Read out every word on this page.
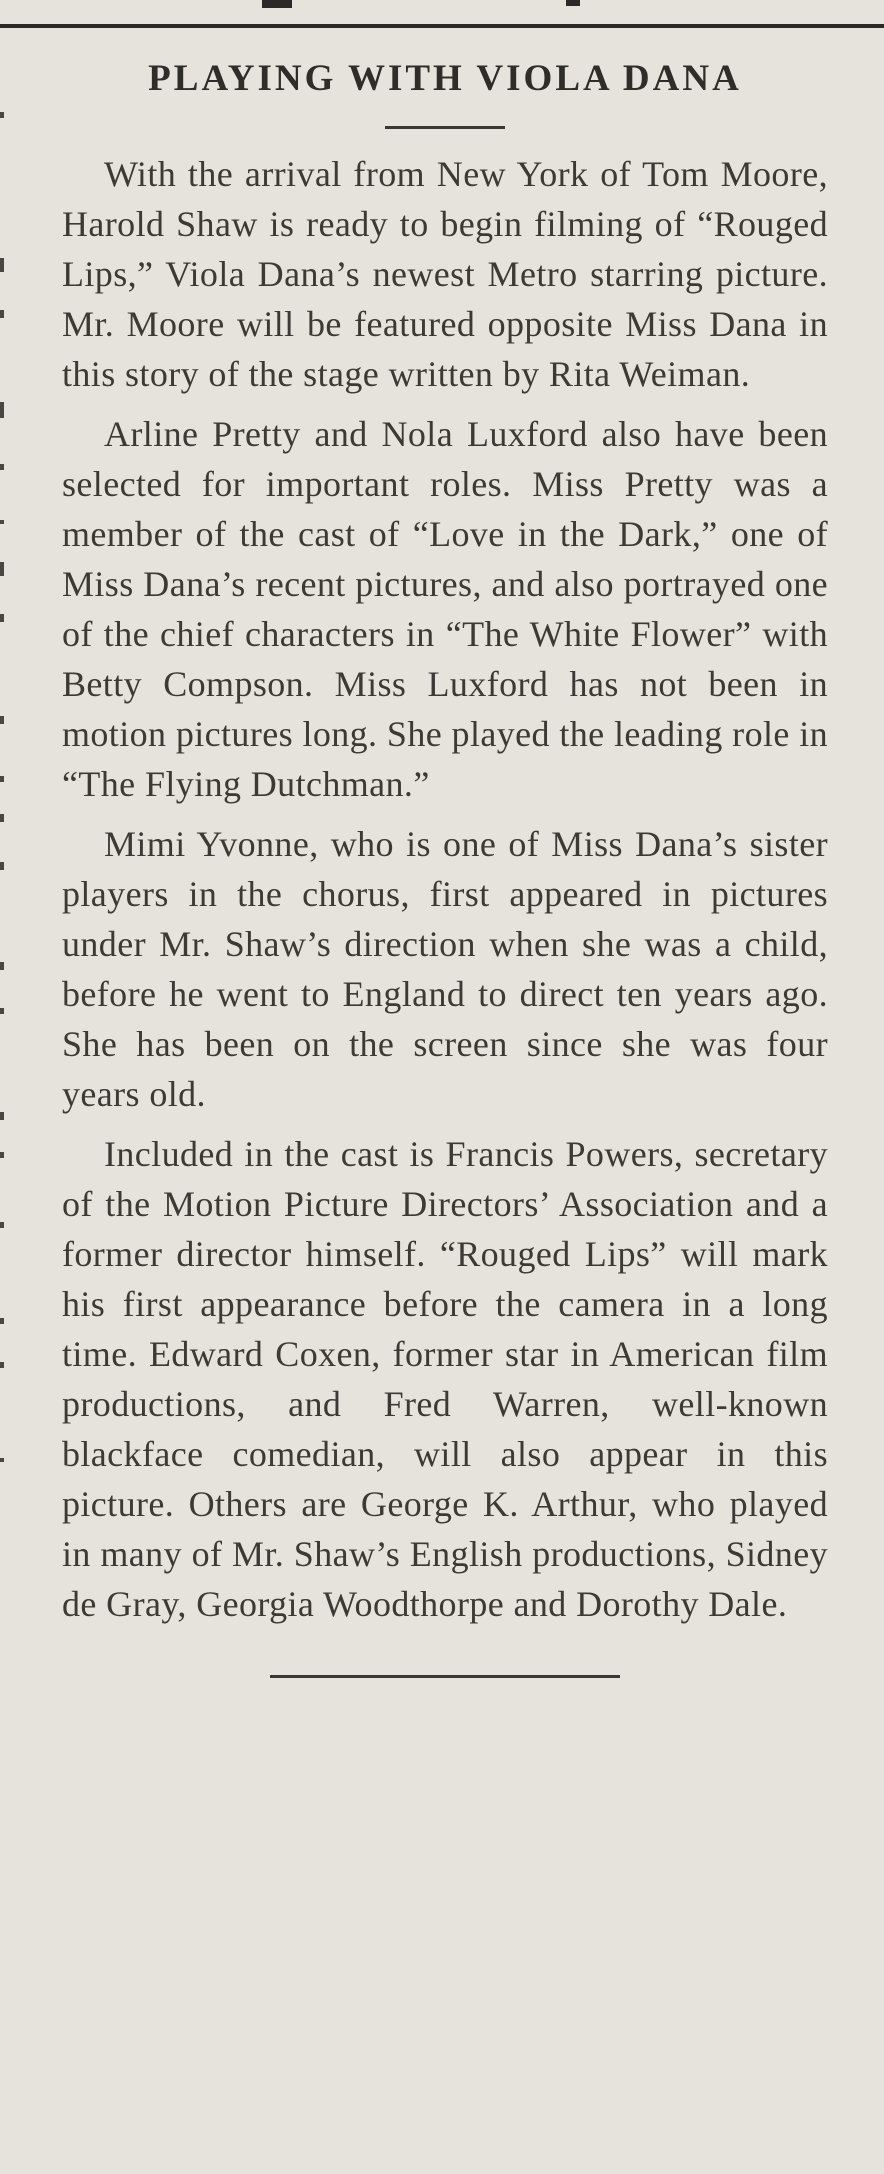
PLAYING WITH VIOLA DANA

With the arrival from New York of Tom Moore, Harold Shaw is ready to begin filming of “Rouged Lips,” Viola Dana’s newest Metro starring picture. Mr. Moore will be featured opposite Miss Dana in this story of the stage written by Rita Weiman.

Arline Pretty and Nola Luxford also have been selected for important roles. Miss Pretty was a member of the cast of “Love in the Dark,” one of Miss Dana’s recent pictures, and also portrayed one of the chief characters in “The White Flower” with Betty Compson. Miss Luxford has not been in motion pictures long. She played the leading role in “The Flying Dutchman.”

Mimi Yvonne, who is one of Miss Dana’s sister players in the chorus, first appeared in pictures under Mr. Shaw’s direction when she was a child, before he went to England to direct ten years ago. She has been on the screen since she was four years old.

Included in the cast is Francis Powers, secretary of the Motion Picture Directors’ Association and a former director himself. “Rouged Lips” will mark his first appearance before the camera in a long time. Edward Coxen, former star in American film productions, and Fred Warren, well-known blackface comedian, will also appear in this picture. Others are George K. Arthur, who played in many of Mr. Shaw’s English productions, Sidney de Gray, Georgia Woodthorpe and Dorothy Dale.
